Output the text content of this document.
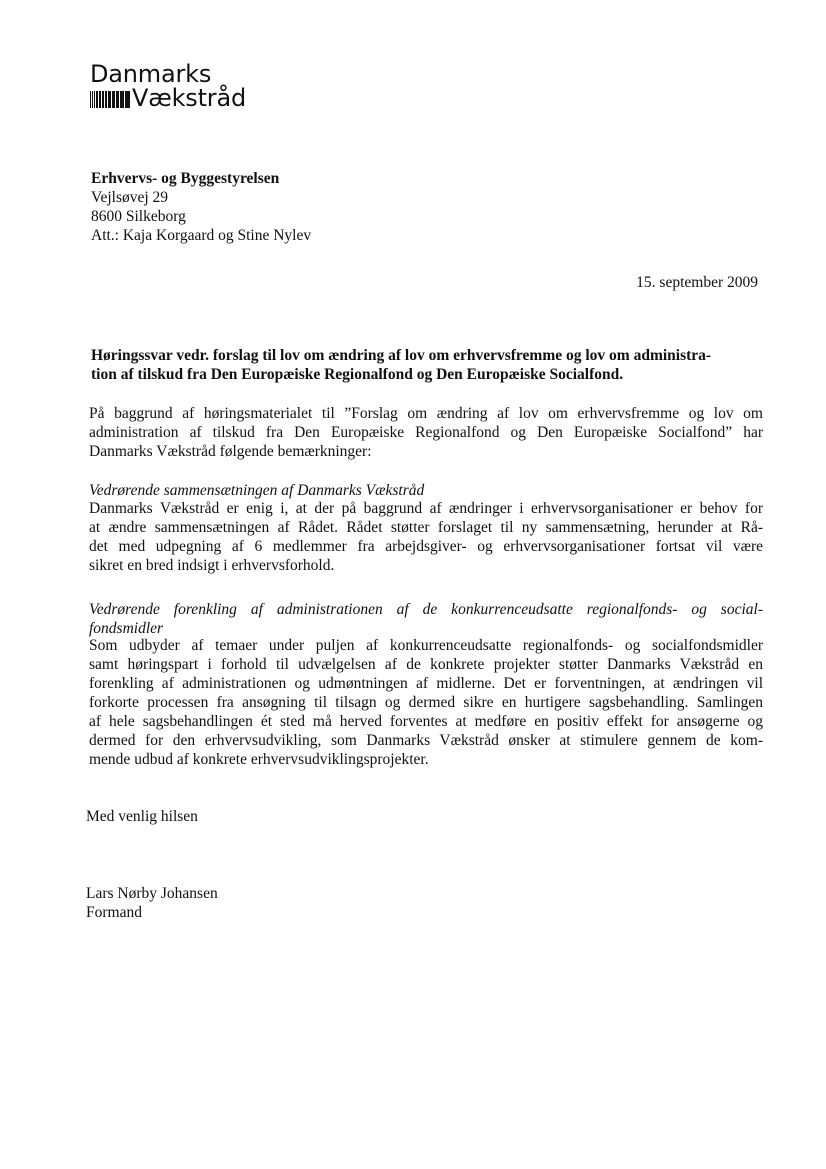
Danmarks
Vækstråd
Erhvervs- og Byggestyrelsen
Vejlsøvej 29
8600 Silkeborg
Att.: Kaja Korgaard og Stine Nylev
15. september 2009
Høringssvar vedr. forslag til lov om ændring af lov om erhvervsfremme og lov om administra-
tion af tilskud fra Den Europæiske Regionalfond og Den Europæiske Socialfond.
På baggrund af høringsmaterialet til ”Forslag om ændring af lov om erhvervsfremme og lov om
administration af tilskud fra Den Europæiske Regionalfond og Den Europæiske Socialfond” har
Danmarks Vækstråd følgende bemærkninger:
Vedrørende sammensætningen af Danmarks Vækstråd
Danmarks Vækstråd er enig i, at der på baggrund af ændringer i erhvervsorganisationer er behov for
at ændre sammensætningen af Rådet. Rådet støtter forslaget til ny sammensætning, herunder at Rå-
det med udpegning af 6 medlemmer fra arbejdsgiver- og erhvervsorganisationer fortsat vil være
sikret en bred indsigt i erhvervsforhold.
Vedrørende forenkling af administrationen af de konkurrenceudsatte regionalfonds- og social-
fondsmidler
Som udbyder af temaer under puljen af konkurrenceudsatte regionalfonds- og socialfondsmidler
samt høringspart i forhold til udvælgelsen af de konkrete projekter støtter Danmarks Vækstråd en
forenkling af administrationen og udmøntningen af midlerne. Det er forventningen, at ændringen vil
forkorte processen fra ansøgning til tilsagn og dermed sikre en hurtigere sagsbehandling. Samlingen
af hele sagsbehandlingen ét sted må herved forventes at medføre en positiv effekt for ansøgerne og
dermed for den erhvervsudvikling, som Danmarks Vækstråd ønsker at stimulere gennem de kom-
mende udbud af konkrete erhvervsudviklingsprojekter.
Med venlig hilsen
Lars Nørby Johansen
Formand
